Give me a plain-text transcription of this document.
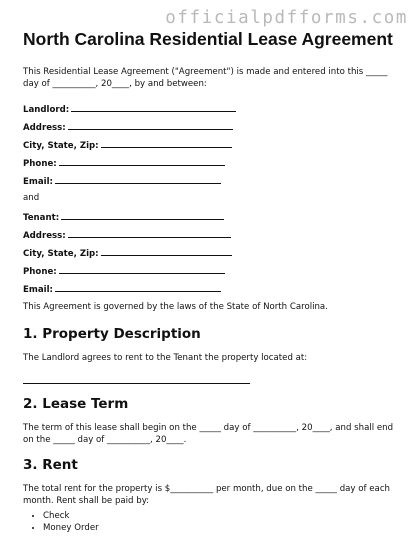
officialpdfforms.com
North Carolina Residential Lease Agreement
This Residential Lease Agreement ("Agreement") is made and entered into this _____ day of __________, 20____, by and between:
Landlord:
Address:
City, State, Zip:
Phone:
Email:
and
Tenant:
Address:
City, State, Zip:
Phone:
Email:
This Agreement is governed by the laws of the State of North Carolina.
1. Property Description
The Landlord agrees to rent to the Tenant the property located at:
2. Lease Term
The term of this lease shall begin on the _____ day of __________, 20____, and shall end on the _____ day of __________, 20____.
3. Rent
The total rent for the property is $__________ per month, due on the _____ day of each month. Rent shall be paid by:
• Check
• Money Order
